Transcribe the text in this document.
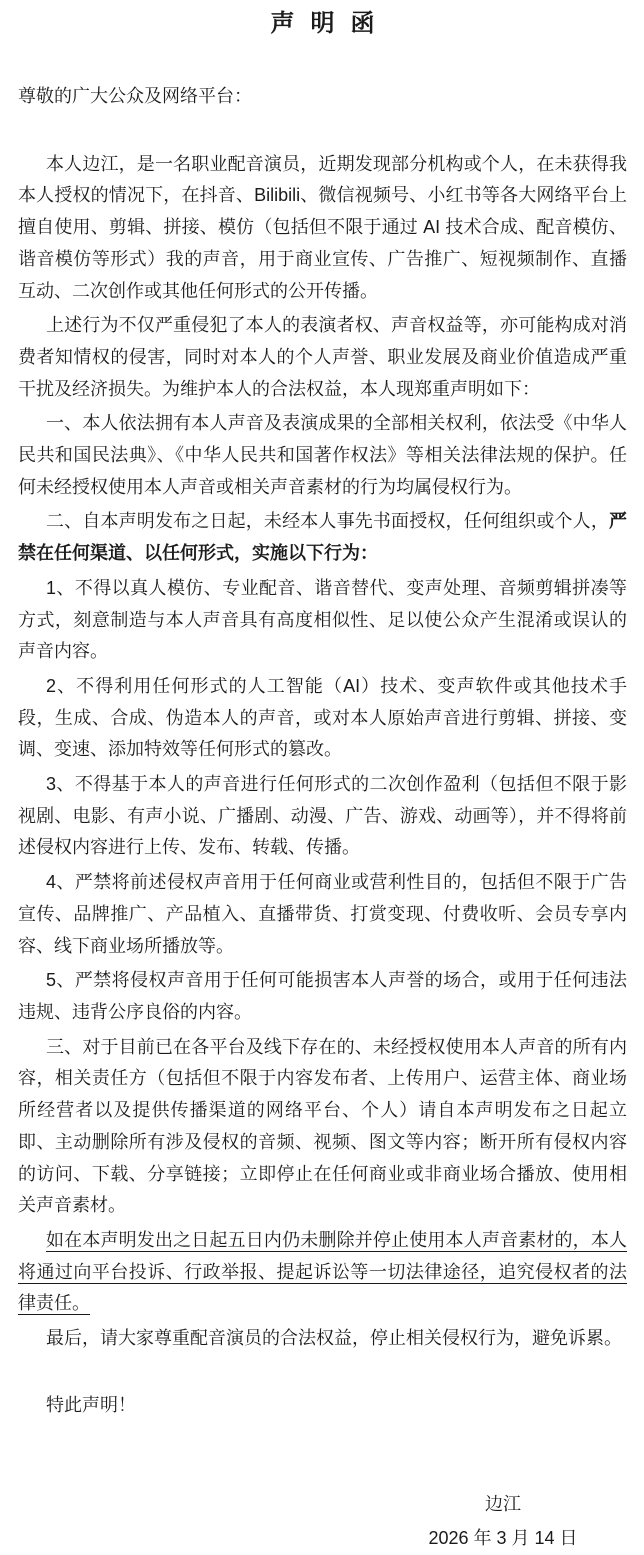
声明函

尊敬的广大公众及网络平台：

本人边江，是一名职业配音演员，近期发现部分机构或个人，在未获得我本人授权的情况下，在抖音、Bilibili、微信视频号、小红书等各大网络平台上擅自使用、剪辑、拼接、模仿（包括但不限于通过 AI 技术合成、配音模仿、谐音模仿等形式）我的声音，用于商业宣传、广告推广、短视频制作、直播互动、二次创作或其他任何形式的公开传播。

上述行为不仅严重侵犯了本人的表演者权、声音权益等，亦可能构成对消费者知情权的侵害，同时对本人的个人声誉、职业发展及商业价值造成严重干扰及经济损失。为维护本人的合法权益，本人现郑重声明如下：

一、本人依法拥有本人声音及表演成果的全部相关权利，依法受《中华人民共和国民法典》、《中华人民共和国著作权法》等相关法律法规的保护。任何未经授权使用本人声音或相关声音素材的行为均属侵权行为。

二、自本声明发布之日起，未经本人事先书面授权，任何组织或个人，严禁在任何渠道、以任何形式，实施以下行为：

1、不得以真人模仿、专业配音、谐音替代、变声处理、音频剪辑拼凑等方式，刻意制造与本人声音具有高度相似性、足以使公众产生混淆或误认的声音内容。

2、不得利用任何形式的人工智能（AI）技术、变声软件或其他技术手段，生成、合成、伪造本人的声音，或对本人原始声音进行剪辑、拼接、变调、变速、添加特效等任何形式的篡改。

3、不得基于本人的声音进行任何形式的二次创作盈利（包括但不限于影视剧、电影、有声小说、广播剧、动漫、广告、游戏、动画等），并不得将前述侵权内容进行上传、发布、转载、传播。

4、严禁将前述侵权声音用于任何商业或营利性目的，包括但不限于广告宣传、品牌推广、产品植入、直播带货、打赏变现、付费收听、会员专享内容、线下商业场所播放等。

5、严禁将侵权声音用于任何可能损害本人声誉的场合，或用于任何违法违规、违背公序良俗的内容。

三、对于目前已在各平台及线下存在的、未经授权使用本人声音的所有内容，相关责任方（包括但不限于内容发布者、上传用户、运营主体、商业场所经营者以及提供传播渠道的网络平台、个人）请自本声明发布之日起立即、主动删除所有涉及侵权的音频、视频、图文等内容；断开所有侵权内容的访问、下载、分享链接；立即停止在任何商业或非商业场合播放、使用相关声音素材。

如在本声明发出之日起五日内仍未删除并停止使用本人声音素材的，本人将通过向平台投诉、行政举报、提起诉讼等一切法律途径，追究侵权者的法律责任。

最后，请大家尊重配音演员的合法权益，停止相关侵权行为，避免诉累。

特此声明！

边江
2026 年 3 月 14 日
